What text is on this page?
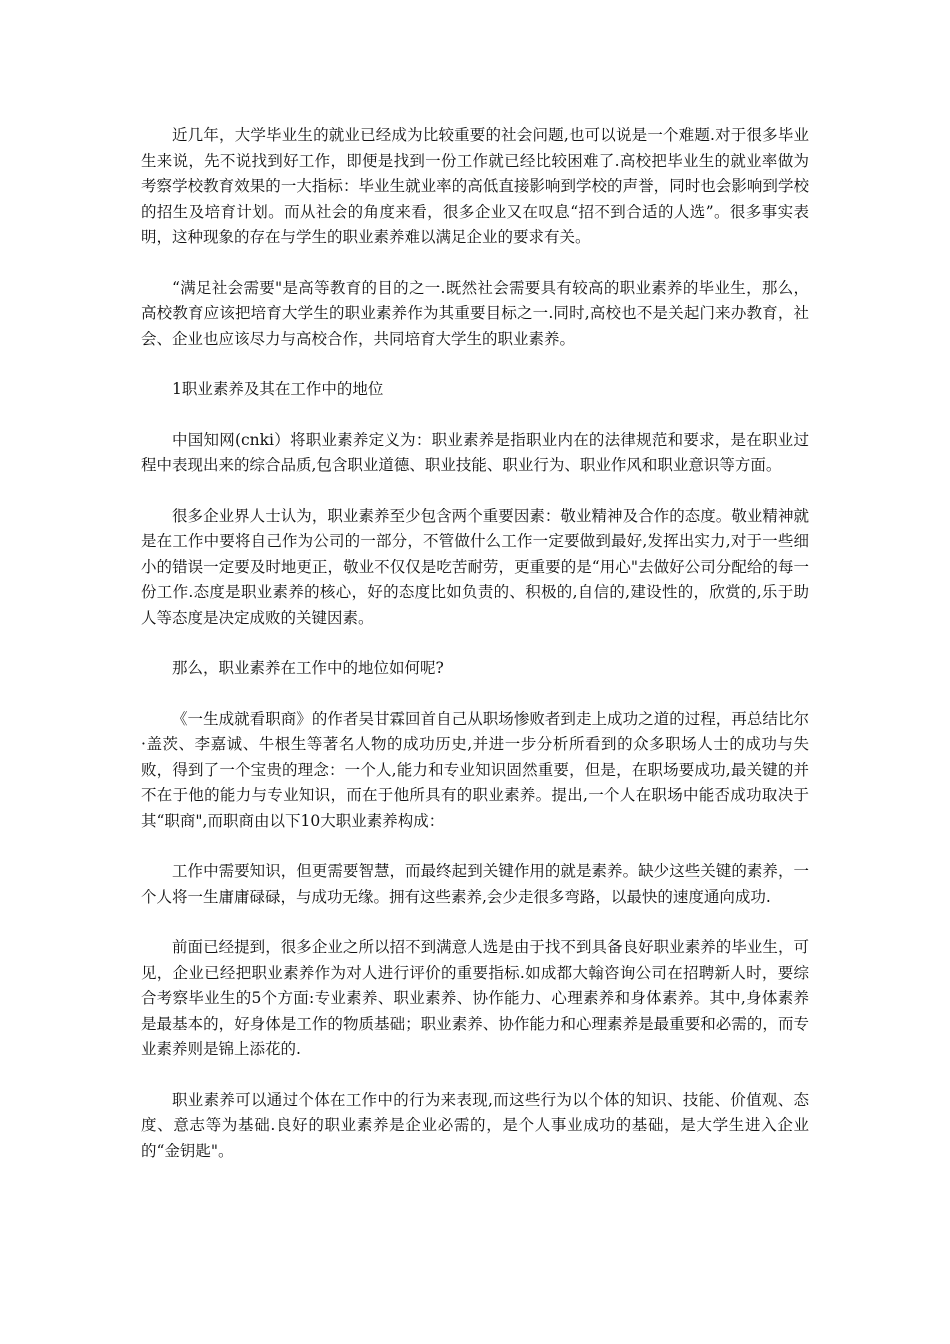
近几年，大学毕业生的就业已经成为比较重要的社会问题,也可以说是一个难题.对于很多毕业生来说，先不说找到好工作，即便是找到一份工作就已经比较困难了.高校把毕业生的就业率做为考察学校教育效果的一大指标：毕业生就业率的高低直接影响到学校的声誉，同时也会影响到学校的招生及培育计划。而从社会的角度来看，很多企业又在叹息“招不到合适的人选”。很多事实表明，这种现象的存在与学生的职业素养难以满足企业的要求有关。

“满足社会需要"是高等教育的目的之一.既然社会需要具有较高的职业素养的毕业生，那么，高校教育应该把培育大学生的职业素养作为其重要目标之一.同时,高校也不是关起门来办教育，社会、企业也应该尽力与高校合作，共同培育大学生的职业素养。

1职业素养及其在工作中的地位

中国知网(cnki）将职业素养定义为：职业素养是指职业内在的法律规范和要求，是在职业过程中表现出来的综合品质,包含职业道德、职业技能、职业行为、职业作风和职业意识等方面。

很多企业界人士认为，职业素养至少包含两个重要因素：敬业精神及合作的态度。敬业精神就是在工作中要将自己作为公司的一部分，不管做什么工作一定要做到最好,发挥出实力,对于一些细小的错误一定要及时地更正，敬业不仅仅是吃苦耐劳，更重要的是“用心"去做好公司分配给的每一份工作.态度是职业素养的核心，好的态度比如负责的、积极的,自信的,建设性的，欣赏的,乐于助人等态度是决定成败的关键因素。

那么，职业素养在工作中的地位如何呢?

《一生成就看职商》的作者吴甘霖回首自己从职场惨败者到走上成功之道的过程，再总结比尔·盖茨、李嘉诚、牛根生等著名人物的成功历史,并进一步分析所看到的众多职场人士的成功与失败，得到了一个宝贵的理念：一个人,能力和专业知识固然重要，但是，在职场要成功,最关键的并不在于他的能力与专业知识，而在于他所具有的职业素养。提出,一个人在职场中能否成功取决于其“职商",而职商由以下10大职业素养构成：

工作中需要知识，但更需要智慧，而最终起到关键作用的就是素养。缺少这些关键的素养，一个人将一生庸庸碌碌，与成功无缘。拥有这些素养,会少走很多弯路，以最快的速度通向成功.

前面已经提到，很多企业之所以招不到满意人选是由于找不到具备良好职业素养的毕业生，可见，企业已经把职业素养作为对人进行评价的重要指标.如成都大翰咨询公司在招聘新人时，要综合考察毕业生的5个方面:专业素养、职业素养、协作能力、心理素养和身体素养。其中,身体素养是最基本的，好身体是工作的物质基础；职业素养、协作能力和心理素养是最重要和必需的，而专业素养则是锦上添花的.

职业素养可以通过个体在工作中的行为来表现,而这些行为以个体的知识、技能、价值观、态度、意志等为基础.良好的职业素养是企业必需的，是个人事业成功的基础，是大学生进入企业的“金钥匙"。
